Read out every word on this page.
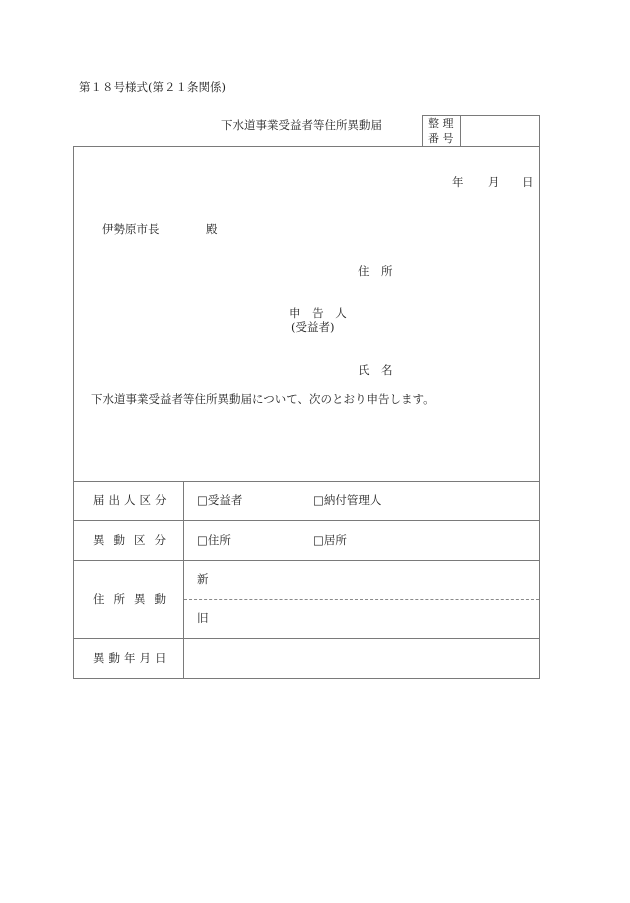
第１８号様式(第２１条関係)
下水道事業受益者等住所異動届	整 理
番 号
年 月 日
伊勢原市長	殿
住　所
申 告 人
(受益者)
氏　名
下水道事業受益者等住所異動届について、次のとおり申告します。
届出人区分 □受益者	□納付管理人
異動区分 □住所	□居所
住所異動
新
旧
異動年月日
